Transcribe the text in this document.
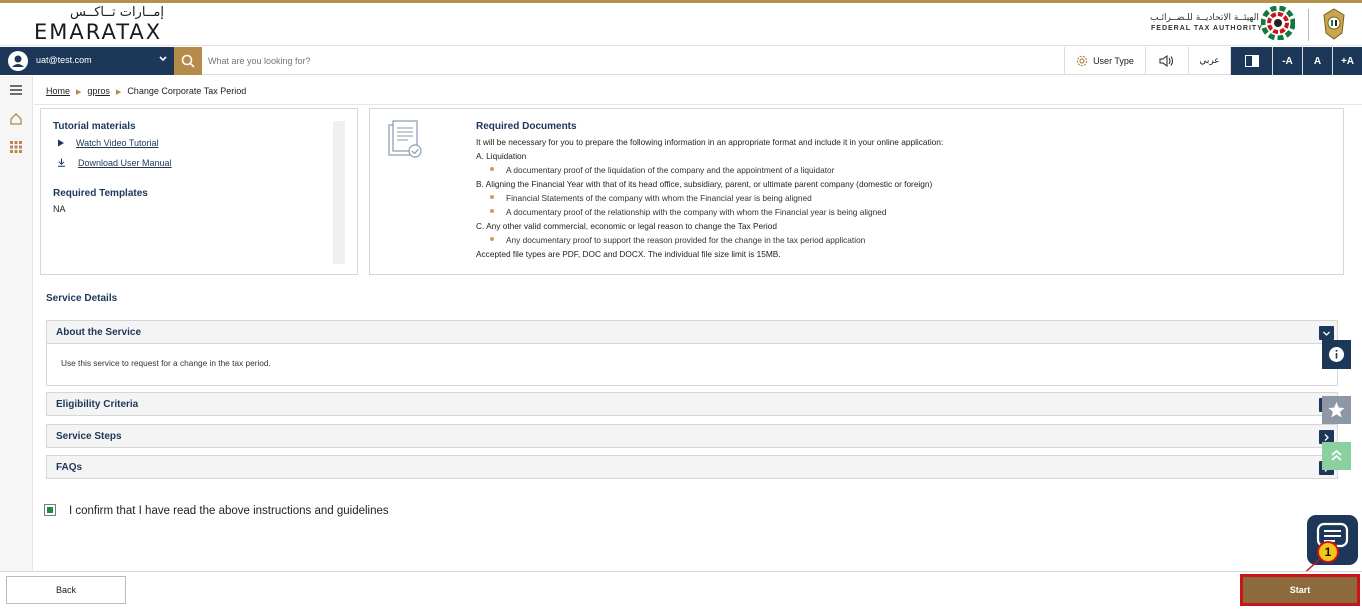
إمــارات تــاكــس
EMARATAX
الهيئــة الاتحاديــة للـضــرائـب
FEDERAL TAX AUTHORITY
uat@test.com
What are you looking for?	User Type	عربي	-A	A	+A
Home ▶ gpros ▶ Change Corporate Tax Period
Tutorial materials
Watch Video Tutorial
Download User Manual
Required Templates
NA
Required Documents
It will be necessary for you to prepare the following information in an appropriate format and include it in your online application:
A. Liquidation
A documentary proof of the liquidation of the company and the appointment of a liquidator
B. Aligning the Financial Year with that of its head office, subsidiary, parent, or ultimate parent company (domestic or foreign)
Financial Statements of the company with whom the Financial year is being aligned
A documentary proof of the relationship with the company with whom the Financial year is being aligned
C. Any other valid commercial, economic or legal reason to change the Tax Period
Any documentary proof to support the reason provided for the change in the tax period application
Accepted file types are PDF, DOC and DOCX. The individual file size limit is 15MB.
Service Details
About the Service
Use this service to request for a change in the tax period.
Eligibility Criteria
Service Steps
FAQs
I confirm that I have read the above instructions and guidelines
1
Back	Start
